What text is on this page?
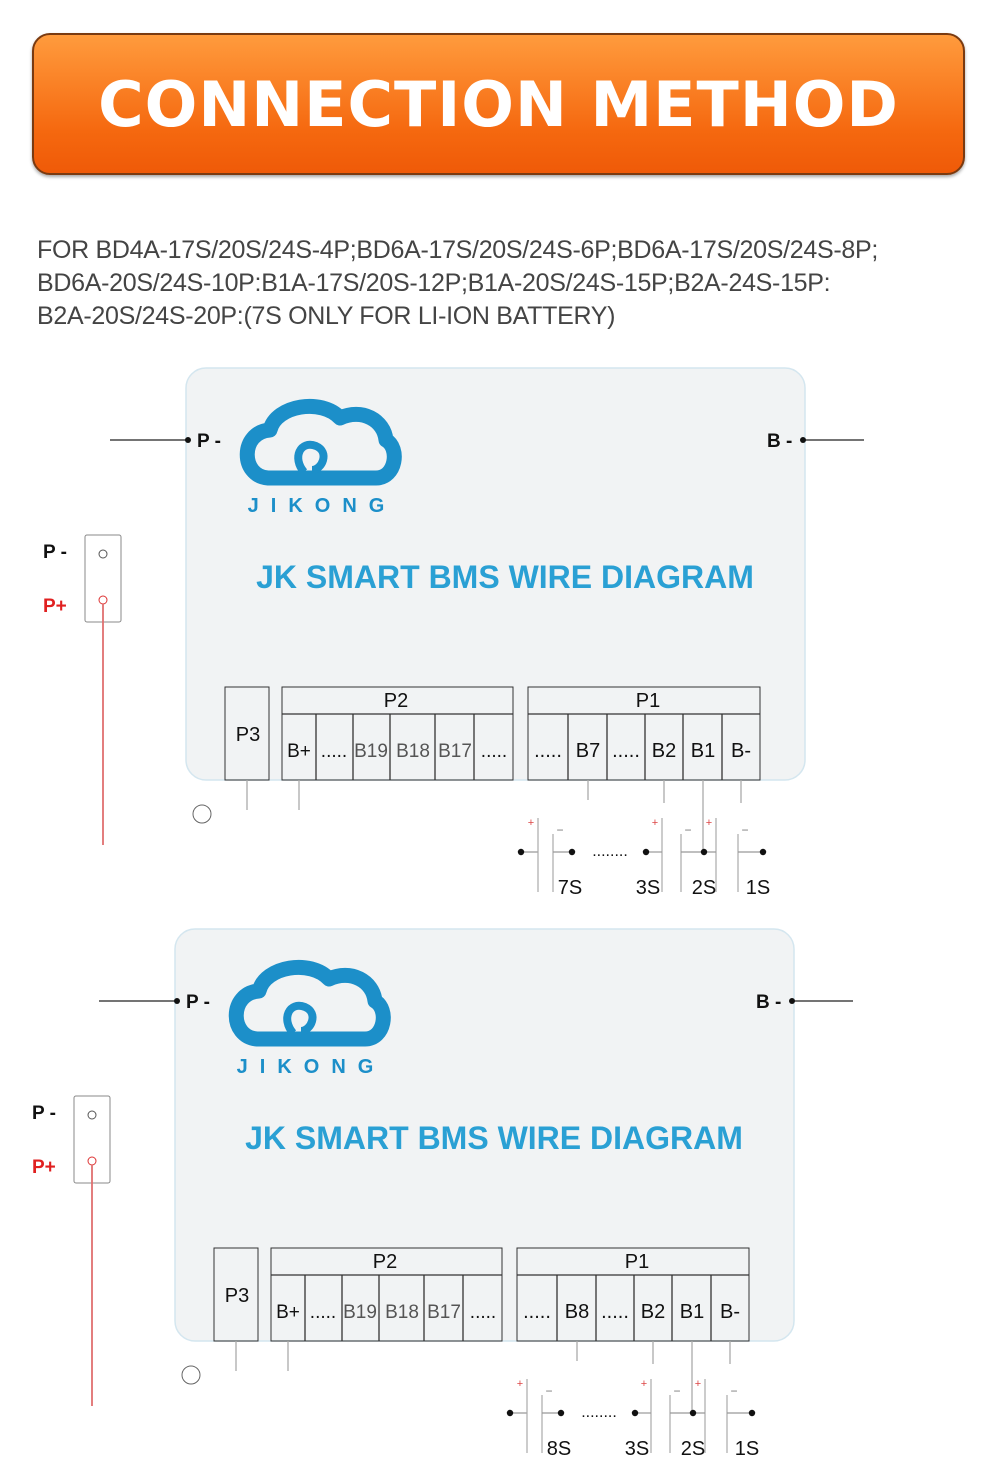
CONNECTION METHOD
FOR BD4A-17S/20S/24S-4P;BD6A-17S/20S/24S-6P;BD6A-17S/20S/24S-8P;
BD6A-20S/24S-10P:B1A-17S/20S-12P;B1A-20S/24S-15P;B2A-24S-15P:
B2A-20S/24S-20P:(7S ONLY FOR LI-ION BATTERY)
JIKONG
JK SMART BMS WIRE DIAGRAM
P -	B -
P -
P+
P3
P2
B+ ..... B19 B18 B17 .....
P1
..... B7 ..... B2 B1 B-
+ −	+ − + −
........
7S	3S 2S 1S
JIKONG
JK SMART BMS WIRE DIAGRAM
P -	B -
P -
P+
P3
P2
B+ ..... B19 B18 B17 .....
P1
..... B8 ..... B2 B1 B-
+ −	+ − + −
........
8S	3S 2S 1S
